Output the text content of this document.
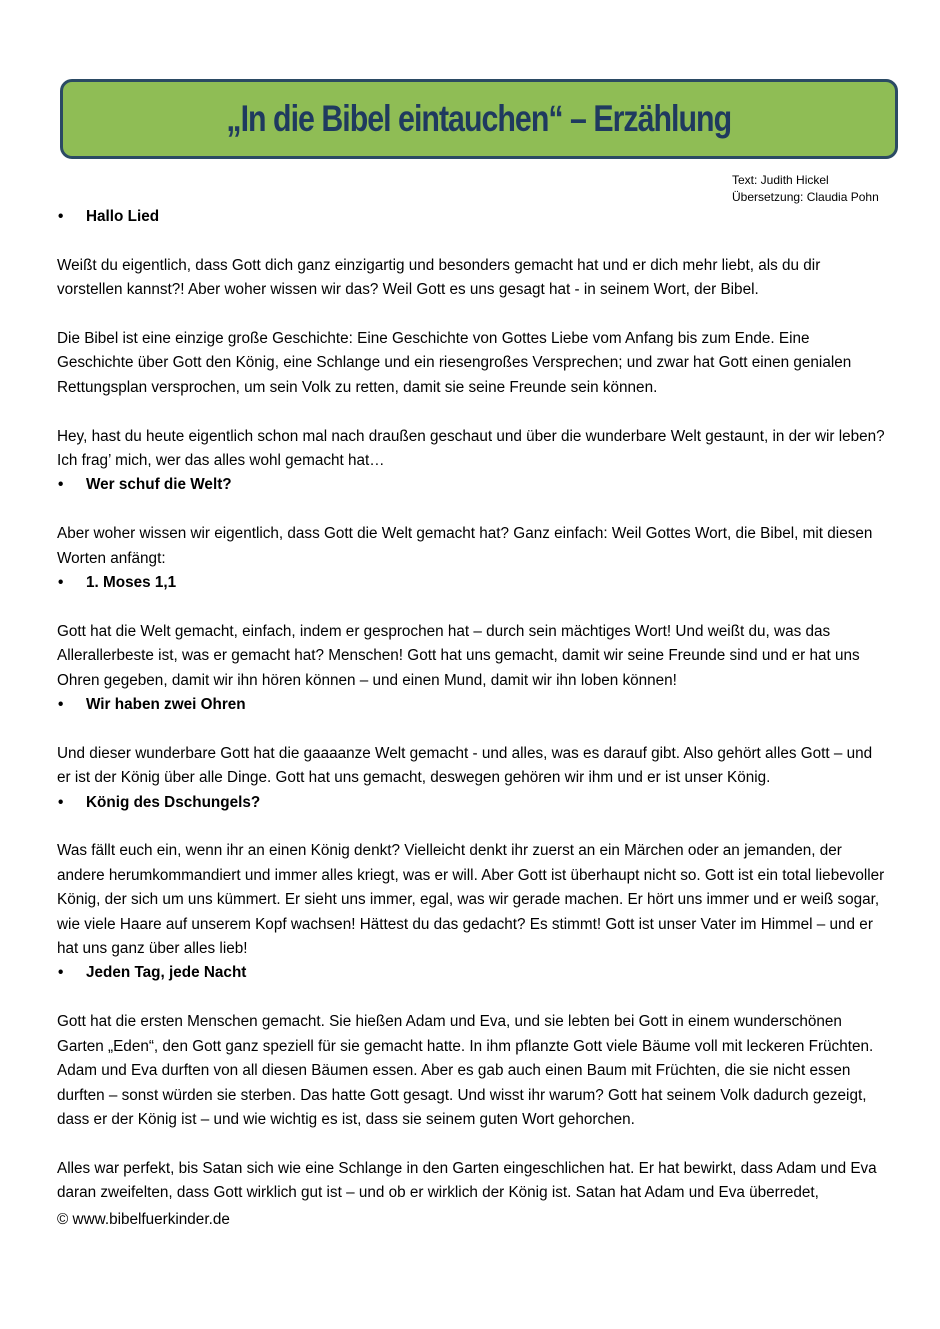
„In die Bibel eintauchen“ – Erzählung
Text: Judith Hickel
Übersetzung: Claudia Pohn
•	Hallo Lied

Weißt du eigentlich, dass Gott dich ganz einzigartig und besonders gemacht hat und er dich mehr liebt, als du dir vorstellen kannst?! Aber woher wissen wir das? Weil Gott es uns gesagt hat - in seinem Wort, der Bibel.

Die Bibel ist eine einzige große Geschichte: Eine Geschichte von Gottes Liebe vom Anfang bis zum Ende. Eine Geschichte über Gott den König, eine Schlange und ein riesengroßes Versprechen; und zwar hat Gott einen genialen Rettungsplan versprochen, um sein Volk zu retten, damit sie seine Freunde sein können.

Hey, hast du heute eigentlich schon mal nach draußen geschaut und über die wunderbare Welt gestaunt, in der wir leben? Ich frag’ mich, wer das alles wohl gemacht hat…

•	Wer schuf die Welt?

Aber woher wissen wir eigentlich, dass Gott die Welt gemacht hat? Ganz einfach: Weil Gottes Wort, die Bibel, mit diesen Worten anfängt:

•	1. Moses 1,1

Gott hat die Welt gemacht, einfach, indem er gesprochen hat – durch sein mächtiges Wort! Und weißt du, was das Allerallerbeste ist, was er gemacht hat? Menschen! Gott hat uns gemacht, damit wir seine Freunde sind und er hat uns Ohren gegeben, damit wir ihn hören können – und einen Mund, damit wir ihn loben können!

•	Wir haben zwei Ohren

Und dieser wunderbare Gott hat die gaaaanze Welt gemacht - und alles, was es darauf gibt. Also gehört alles Gott – und er ist der König über alle Dinge. Gott hat uns gemacht, deswegen gehören wir ihm und er ist unser König.

•	König des Dschungels?

Was fällt euch ein, wenn ihr an einen König denkt? Vielleicht denkt ihr zuerst an ein Märchen oder an jemanden, der andere herumkommandiert und immer alles kriegt, was er will. Aber Gott ist überhaupt nicht so. Gott ist ein total liebevoller König, der sich um uns kümmert. Er sieht uns immer, egal, was wir gerade machen. Er hört uns immer und er weiß sogar, wie viele Haare auf unserem Kopf wachsen! Hättest du das gedacht? Es stimmt! Gott ist unser Vater im Himmel – und er hat uns ganz über alles lieb!

•	Jeden Tag, jede Nacht

Gott hat die ersten Menschen gemacht. Sie hießen Adam und Eva, und sie lebten bei Gott in einem wunderschönen Garten „Eden“, den Gott ganz speziell für sie gemacht hatte. In ihm pflanzte Gott viele Bäume voll mit leckeren Früchten. Adam und Eva durften von all diesen Bäumen essen. Aber es gab auch einen Baum mit Früchten, die sie nicht essen durften – sonst würden sie sterben. Das hatte Gott gesagt. Und wisst ihr warum? Gott hat seinem Volk dadurch gezeigt, dass er der König ist – und wie wichtig es ist, dass sie seinem guten Wort gehorchen.

Alles war perfekt, bis Satan sich wie eine Schlange in den Garten eingeschlichen hat. Er hat bewirkt, dass Adam und Eva daran zweifelten, dass Gott wirklich gut ist – und ob er wirklich der König ist. Satan hat Adam und Eva überredet,

© www.bibelfuerkinder.de
